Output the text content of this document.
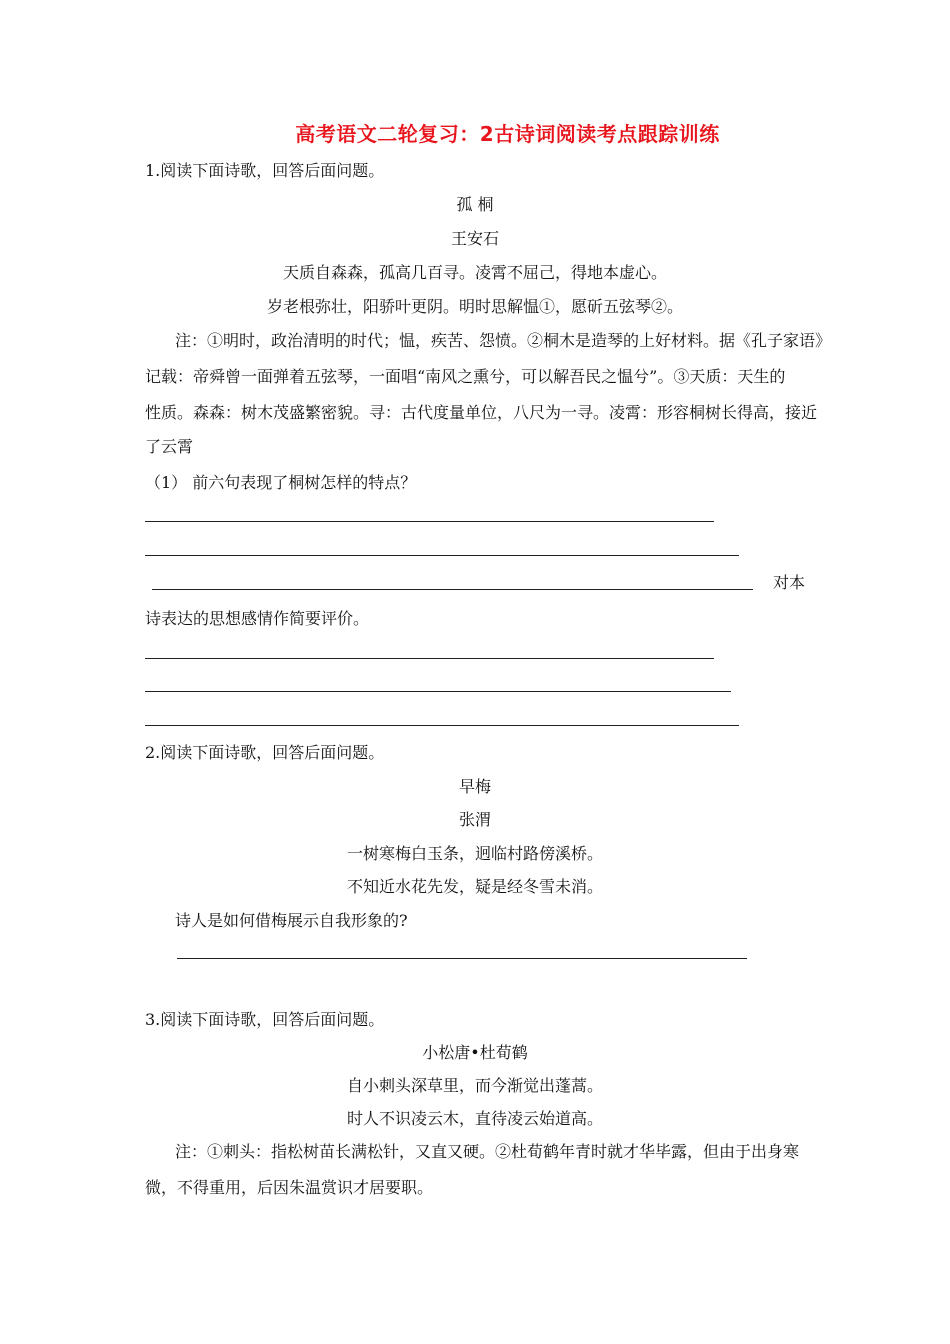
高考语文二轮复习：2古诗词阅读考点跟踪训练
1.阅读下面诗歌，回答后面问题。
孤 桐
王安石
天质自森森，孤高几百寻。凌霄不屈己，得地本虚心。
岁老根弥壮，阳骄叶更阴。明时思解愠①，愿斫五弦琴②。
注：①明时，政治清明的时代；愠，疾苦、怨愤。②桐木是造琴的上好材料。据《孔子家语》
记载：帝舜曾一面弹着五弦琴，一面唱“南风之熏兮，可以解吾民之愠兮”。③天质：天生的
性质。森森：树木茂盛繁密貌。寻：古代度量单位，八尺为一寻。凌霄：形容桐树长得高，接近
了云霄
（1） 前六句表现了桐树怎样的特点？
对本
诗表达的思想感情作简要评价。
2.阅读下面诗歌，回答后面问题。
早梅
张渭
一树寒梅白玉条，迥临村路傍溪桥。
不知近水花先发，疑是经冬雪未消。
诗人是如何借梅展示自我形象的?
3.阅读下面诗歌，回答后面问题。
小松唐•杜荀鹤
自小刺头深草里，而今渐觉出蓬蒿。
时人不识凌云木，直待凌云始道高。
注：①刺头：指松树苗长满松针，又直又硬。②杜荀鹤年青时就才华毕露，但由于出身寒
微，不得重用，后因朱温赏识才居要职。
